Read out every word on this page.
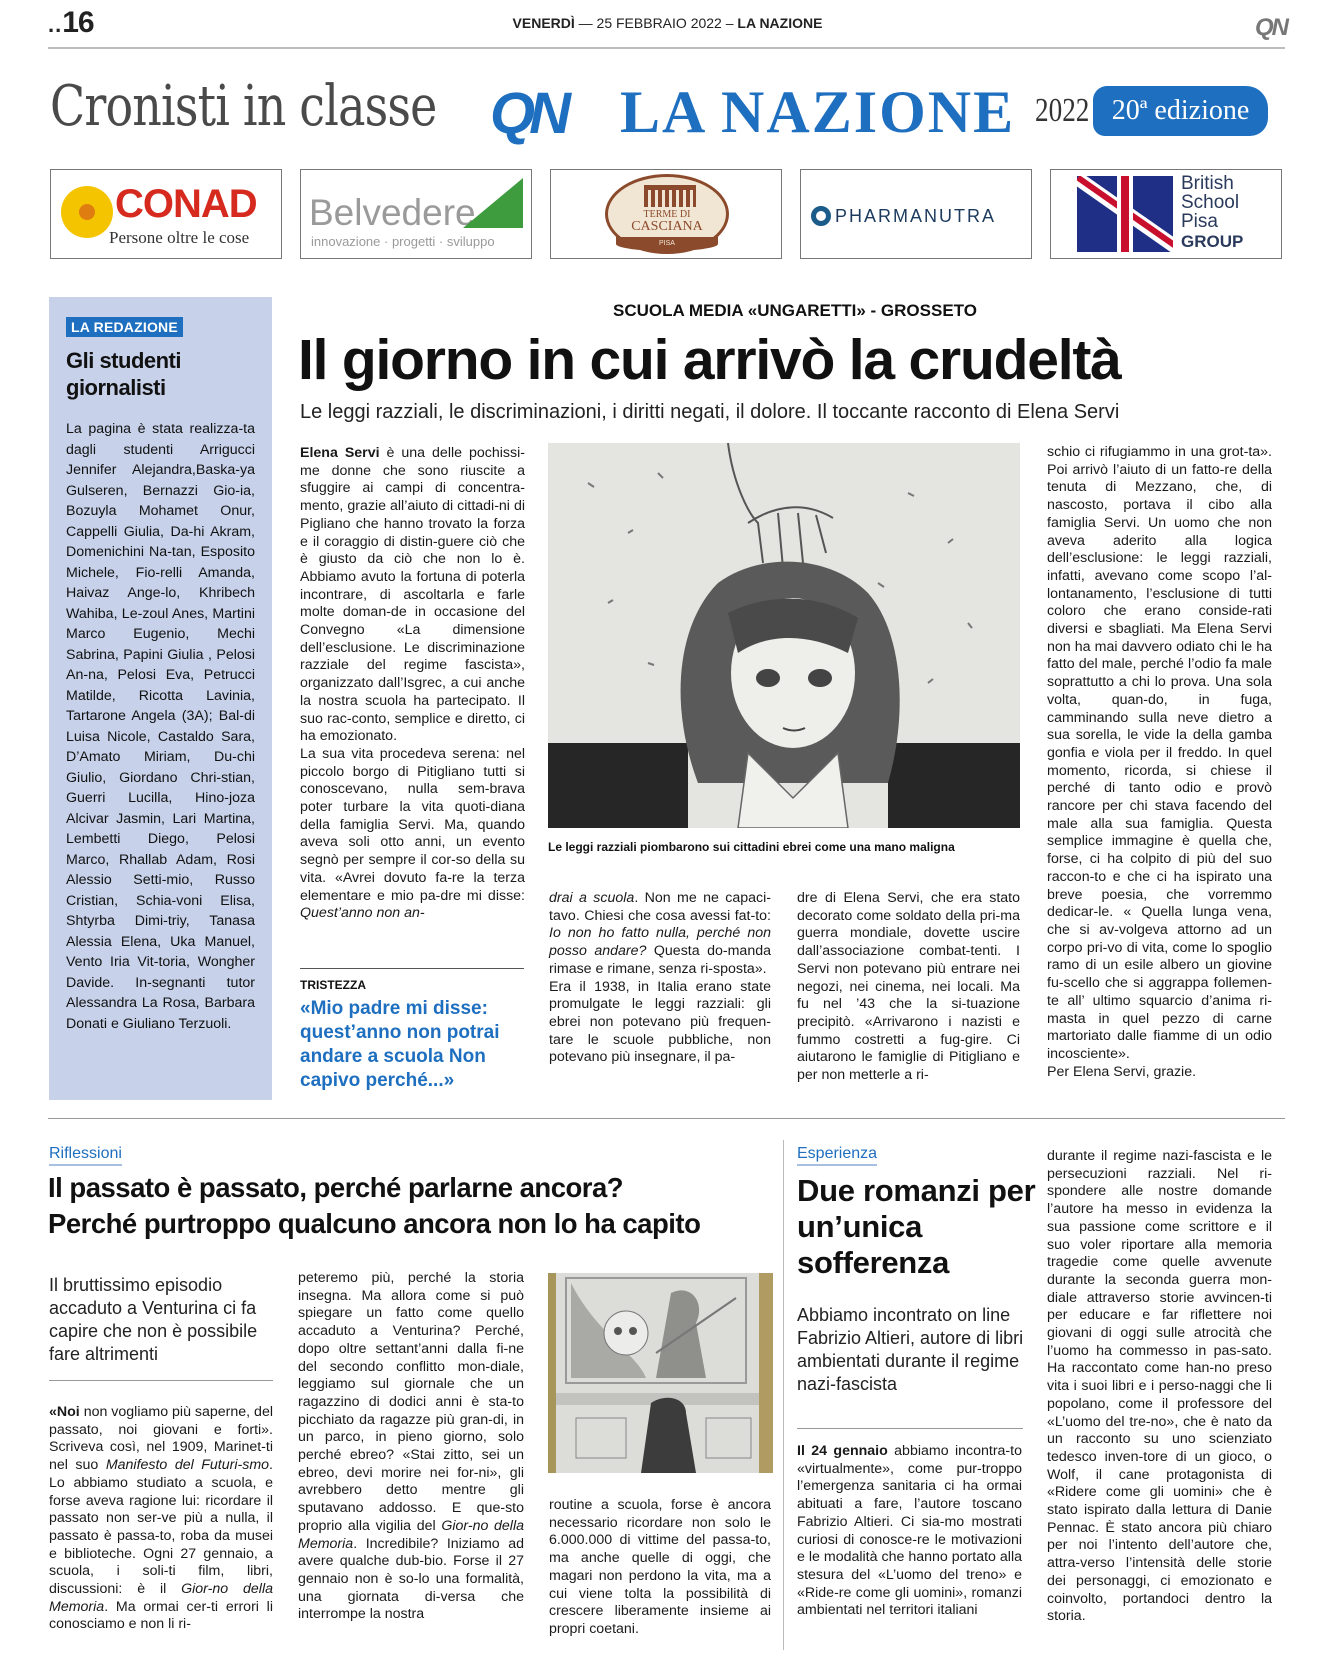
..16	VENERDÌ — 25 FEBBRAIO 2022 – LA NAZIONE	QN
Cronisti in classe QN LA NAZIONE 2022 20ª edizione
CONAD
Persone oltre le cose
Belvedere S.p.A.
innovazione · progetti · sviluppo
TERME DI
CASCIANA
PISA
PHARMANUTRA
British
School
Pisa
GROUP
LA REDAZIONE
Gli studenti giornalisti
La pagina è stata realizza-ta dagli studenti Arrigucci Jennifer Alejandra,Baska-ya Gulseren, Bernazzi Gio-ia, Bozuyla Mohamet Onur, Cappelli Giulia, Da-hi Akram, Domenichini Na-tan, Esposito Michele, Fio-relli Amanda, Haivaz Ange-lo, Khribech Wahiba, Le-zoul Anes, Martini Marco Eugenio, Mechi Sabrina, Papini Giulia , Pelosi An-na, Pelosi Eva, Petrucci Matilde, Ricotta Lavinia, Tartarone Angela (3A); Bal-di Luisa Nicole, Castaldo Sara, D’Amato Miriam, Du-chi Giulio, Giordano Chri-stian, Guerri Lucilla, Hino-joza Alcivar Jasmin, Lari Martina, Lembetti Diego, Pelosi Marco, Rhallab Adam, Rosi Alessio Setti-mio, Russo Cristian, Schia-voni Elisa, Shtyrba Dimi-triy, Tanasa Alessia Elena, Uka Manuel, Vento Iria Vit-toria, Wongher Davide. In-segnanti tutor Alessandra La Rosa, Barbara Donati e Giuliano Terzuoli.
SCUOLA MEDIA «UNGARETTI» - GROSSETO
Il giorno in cui arrivò la crudeltà
Le leggi razziali, le discriminazioni, i diritti negati, il dolore. Il toccante racconto di Elena Servi

Elena Servi è una delle pochissi-me donne che sono riuscite a sfuggire ai campi di concentra-mento, grazie all’aiuto di cittadi-ni di Pigliano che hanno trovato la forza e il coraggio di distin-guere ciò che è giusto da ciò che non lo è. Abbiamo avuto la fortuna di poterla incontrare, di ascoltarla e farle molte doman-de in occasione del Convegno «La dimensione dell’esclusione. Le discriminazione razziale del regime fascista», organizzato dall’Isgrec, a cui anche la nostra scuola ha partecipato. Il suo rac-conto, semplice e diretto, ci ha emozionato.

La sua vita procedeva serena: nel piccolo borgo di Pitigliano tutti si conoscevano, nulla sem-brava poter turbare la vita quoti-diana della famiglia Servi. Ma, quando aveva soli otto anni, un evento segnò per sempre il cor-so della su vita. «Avrei dovuto fa-re la terza elementare e mio pa-dre mi disse: Quest’anno non an-

TRISTEZZA
«Mio padre mi disse: quest’anno non potrai andare a scuola Non capivo perché...»
Le leggi razziali piombarono sui cittadini ebrei come una mano maligna

drai a scuola. Non me ne capaci-tavo. Chiesi che cosa avessi fat-to: Io non ho fatto nulla, perché non posso andare? Questa do-manda rimase e rimane, senza ri-sposta».

Era il 1938, in Italia erano state promulgate le leggi razziali: gli ebrei non potevano più frequen-tare le scuole pubbliche, non potevano più insegnare, il pa-

dre di Elena Servi, che era stato decorato come soldato della pri-ma guerra mondiale, dovette uscire dall’associazione combat-tenti. I Servi non potevano più entrare nei negozi, nei cinema, nei locali. Ma fu nel ’43 che la si-tuazione precipitò. «Arrivarono i nazisti e fummo costretti a fug-gire. Ci aiutarono le famiglie di Pitigliano e per non metterle a ri-

schio ci rifugiammo in una grot-ta». Poi arrivò l’aiuto di un fatto-re della tenuta di Mezzano, che, di nascosto, portava il cibo alla famiglia Servi. Un uomo che non aveva aderito alla logica dell’esclusione: le leggi razziali, infatti, avevano come scopo l’al-lontanamento, l’esclusione di tutti coloro che erano conside-rati diversi e sbagliati. Ma Elena Servi non ha mai davvero odiato chi le ha fatto del male, perché l’odio fa male soprattutto a chi lo prova. Una sola volta, quan-do, in fuga, camminando sulla neve dietro a sua sorella, le vide la della gamba gonfia e viola per il freddo. In quel momento, ricorda, si chiese il perché di tanto odio e provò rancore per chi stava facendo del male alla sua famiglia. Questa semplice immagine è quella che, forse, ci ha colpito di più del suo raccon-to e che ci ha ispirato una breve poesia, che vorremmo dedicar-le. « Quella lunga vena, che si av-volgeva attorno ad un corpo pri-vo di vita, come lo spoglio ramo di un esile albero un giovine fu-scello che si aggrappa follemen-te all’ ultimo squarcio d’anima ri-masta in quel pezzo di carne martoriato dalle fiamme di un odio incosciente».

Per Elena Servi, grazie.

Riflessioni
Il passato è passato, perché parlarne ancora?
Perché purtroppo qualcuno ancora non lo ha capito
Il bruttissimo episodio accaduto a Venturina ci fa capire che non è possibile fare altrimenti

«Noi non vogliamo più saperne, del passato, noi giovani e forti». Scriveva così, nel 1909, Marinet-ti nel suo Manifesto del Futuri-smo. Lo abbiamo studiato a scuola, e forse aveva ragione lui: ricordare il passato non ser-ve più a nulla, il passato è passa-to, roba da musei e biblioteche. Ogni 27 gennaio, a scuola, i soli-ti film, libri, discussioni: è il Gior-no della Memoria. Ma ormai cer-ti errori li conosciamo e non li ri-

peteremo più, perché la storia insegna. Ma allora come si può spiegare un fatto come quello accaduto a Venturina? Perché, dopo oltre settant’anni dalla fi-ne del secondo conflitto mon-diale, leggiamo sul giornale che un ragazzino di dodici anni è sta-to picchiato da ragazze più gran-di, in un parco, in pieno giorno, solo perché ebreo? «Stai zitto, sei un ebreo, devi morire nei for-ni», gli avrebbero detto mentre gli sputavano addosso. E que-sto proprio alla vigilia del Gior-no della Memoria. Incredibile? Iniziamo ad avere qualche dub-bio. Forse il 27 gennaio non è so-lo una formalità, una giornata di-versa che interrompe la nostra

routine a scuola, forse è ancora necessario ricordare non solo le 6.000.000 di vittime del passa-to, ma anche quelle di oggi, che magari non perdono la vita, ma a cui viene tolta la possibilità di crescere liberamente insieme ai propri coetani.

Esperienza
Due romanzi per un’unica sofferenza
Abbiamo incontrato on line Fabrizio Altieri, autore di libri ambientati durante il regime nazi-fascista

Il 24 gennaio abbiamo incontra-to «virtualmente», come pur-troppo l’emergenza sanitaria ci ha ormai abituati a fare, l’autore toscano Fabrizio Altieri. Ci sia-mo mostrati curiosi di conosce-re le motivazioni e le modalità che hanno portato alla stesura del «L’uomo del treno» e «Ride-re come gli uomini», romanzi ambientati nel territori italiani

durante il regime nazi-fascista e le persecuzioni razziali. Nel ri-spondere alle nostre domande l’autore ha messo in evidenza la sua passione come scrittore e il suo voler riportare alla memoria tragedie come quelle avvenute durante la seconda guerra mon-diale attraverso storie avvincen-ti per educare e far riflettere noi giovani di oggi sulle atrocità che l’uomo ha commesso in pas-sato. Ha raccontato come han-no preso vita i suoi libri e i perso-naggi che li popolano, come il professore del «L’uomo del tre-no», che è nato da un racconto su uno scienziato tedesco inven-tore di un gioco, o Wolf, il cane protagonista di «Ridere come gli uomini» che è stato ispirato dalla lettura di Danie Pennac. È stato ancora più chiaro per noi l’intento dell’autore che, attra-verso l’intensità delle storie dei personaggi, ci emozionato e coinvolto, portandoci dentro la storia.
